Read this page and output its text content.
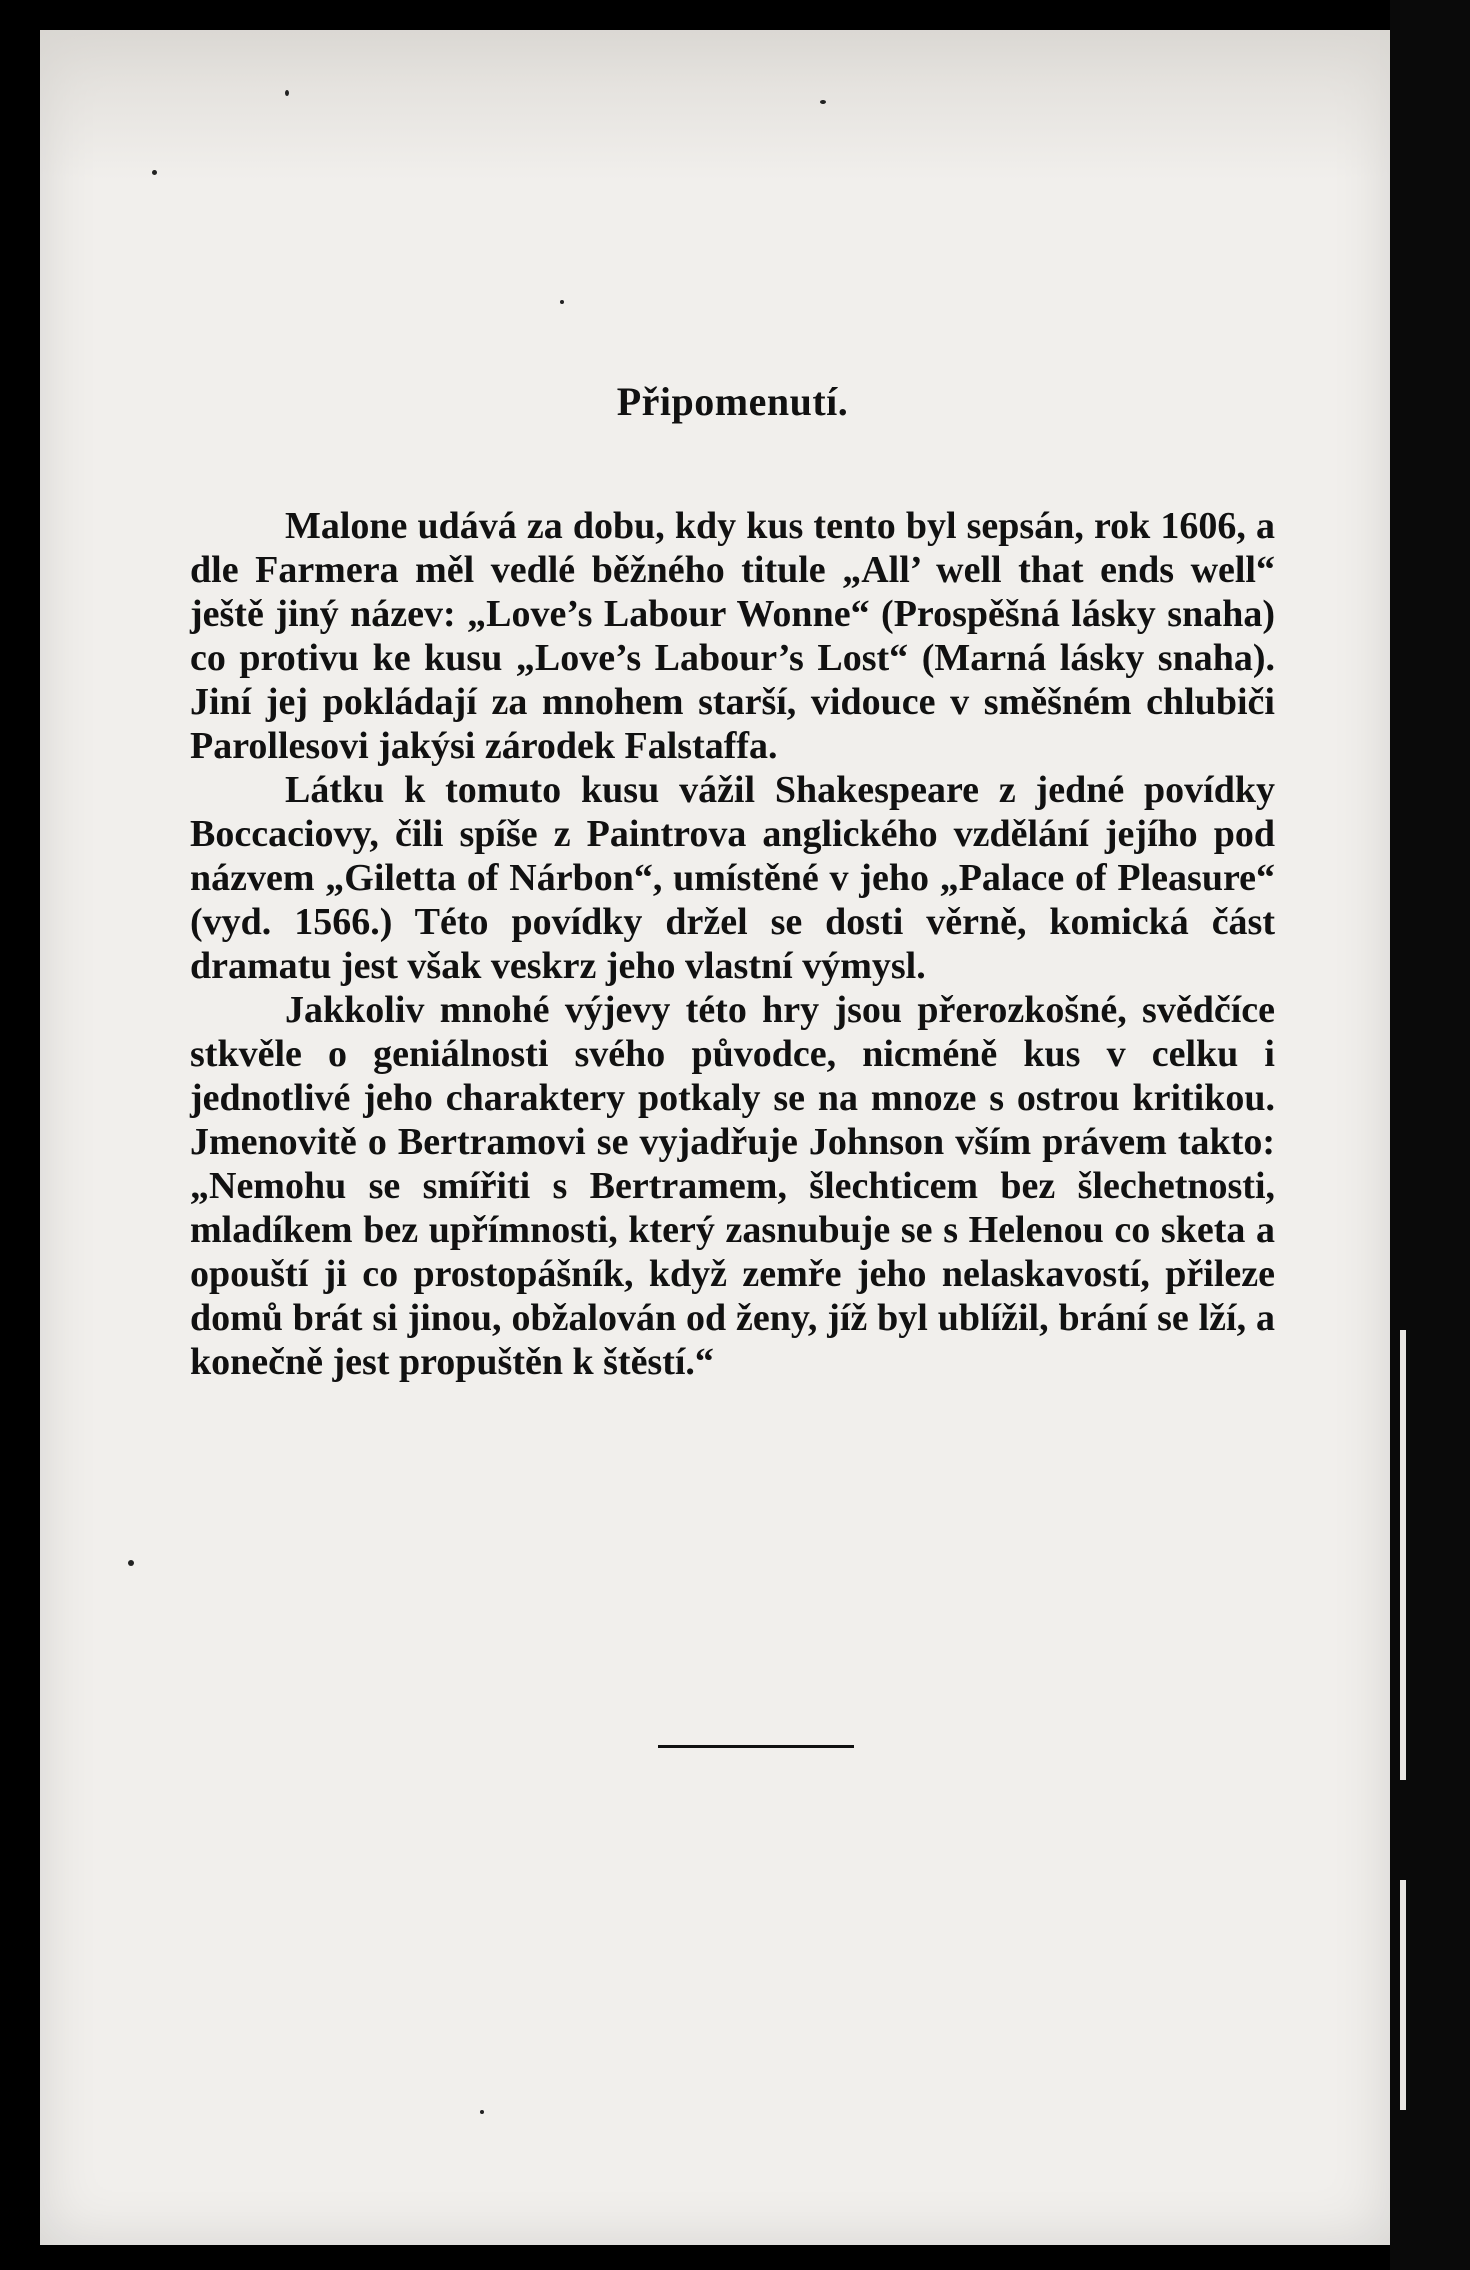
Připomenutí.

Malone udává za dobu, kdy kus tento byl sepsán, rok 1606, a dle Farmera měl vedlé běžného titule „All’ well that ends well“ ještě jiný název: „Love’s Labour Wonne“ (Prospěšná lásky snaha) co protivu ke kusu „Love’s Labour’s Lost“ (Marná lásky snaha). Jiní jej pokládají za mnohem starší, vidouce v směšném chlubiči Parollesovi jakýsi zárodek Falstaffa.

Látku k tomuto kusu vážil Shakespeare z jedné povídky Boccaciovy, čili spíše z Paintrova anglického vzdělání jejího pod názvem „Giletta of Nárbon“, umístěné v jeho „Palace of Pleasure“ (vyd. 1566.) Této povídky držel se dosti věrně, komická část dramatu jest však veskrz jeho vlastní výmysl.

Jakkoliv mnohé výjevy této hry jsou přerozkošné, svědčíce stkvěle o geniálnosti svého původce, nicméně kus v celku i jednotlivé jeho charaktery potkaly se na mnoze s ostrou kritikou. Jmenovitě o Bertramovi se vyjadřuje Johnson vším právem takto: „Nemohu se smířiti s Bertramem, šlechticem bez šlechetnosti, mladíkem bez upřímnosti, který zasnubuje se s Helenou co sketa a opouští ji co prostopášník, když zemře jeho nelaskavostí, přileze domů brát si jinou, obžalován od ženy, jíž byl ublížil, brání se lží, a konečně jest propuštěn k štěstí.“
